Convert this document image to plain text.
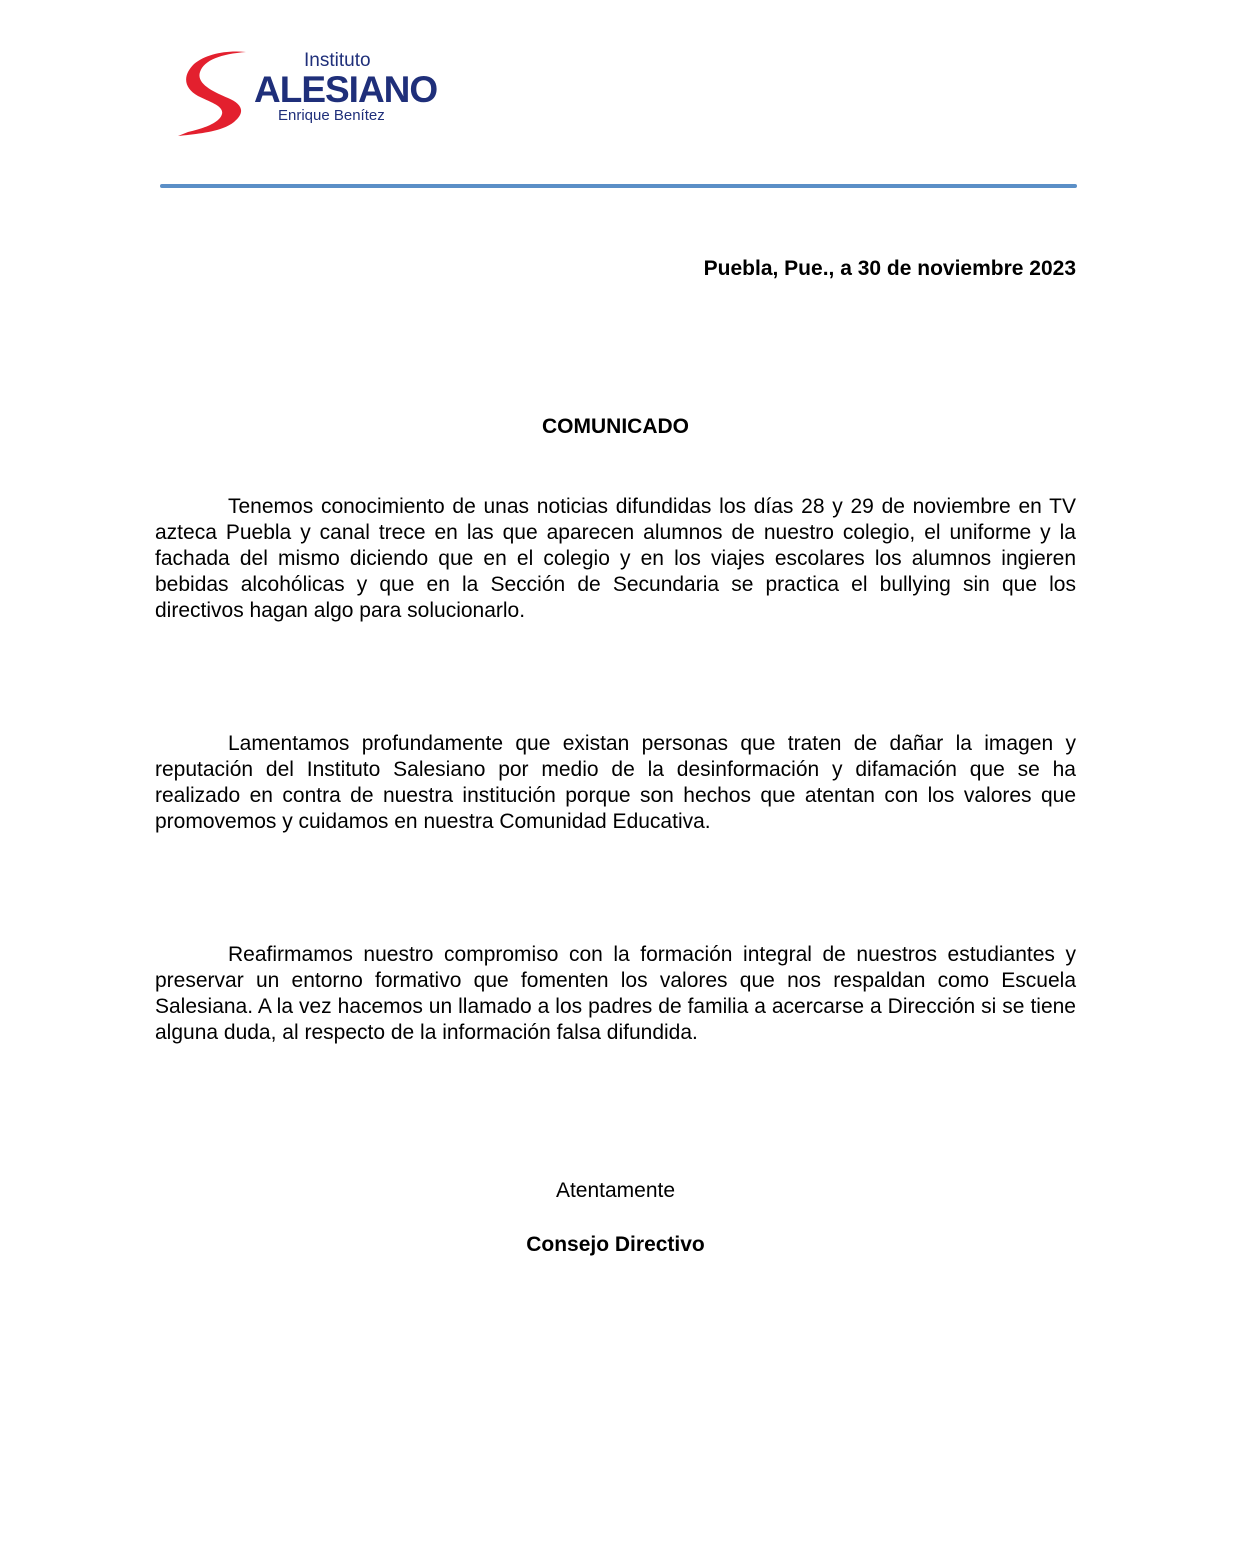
Instituto
ALESIANO
Enrique Benítez
Puebla, Pue., a 30 de noviembre 2023
COMUNICADO

Tenemos conocimiento de unas noticias difundidas los días 28 y 29 de noviembre en TV azteca Puebla y canal trece en las que aparecen alumnos de nuestro colegio, el uniforme y la fachada del mismo diciendo que en el colegio y en los viajes escolares los alumnos ingieren bebidas alcohólicas y que en la Sección de Secundaria se practica el bullying sin que los directivos hagan algo para solucionarlo.

Lamentamos profundamente que existan personas que traten de dañar la imagen y reputación del Instituto Salesiano por medio de la desinformación y difamación que se ha realizado en contra de nuestra institución porque son hechos que atentan con los valores que promovemos y cuidamos en nuestra Comunidad Educativa.

Reafirmamos nuestro compromiso con la formación integral de nuestros estudiantes y preservar un entorno formativo que fomenten los valores que nos respaldan como Escuela Salesiana. A la vez hacemos un llamado a los padres de familia a acercarse a Dirección si se tiene alguna duda, al respecto de la información falsa difundida.

Atentamente
Consejo Directivo
